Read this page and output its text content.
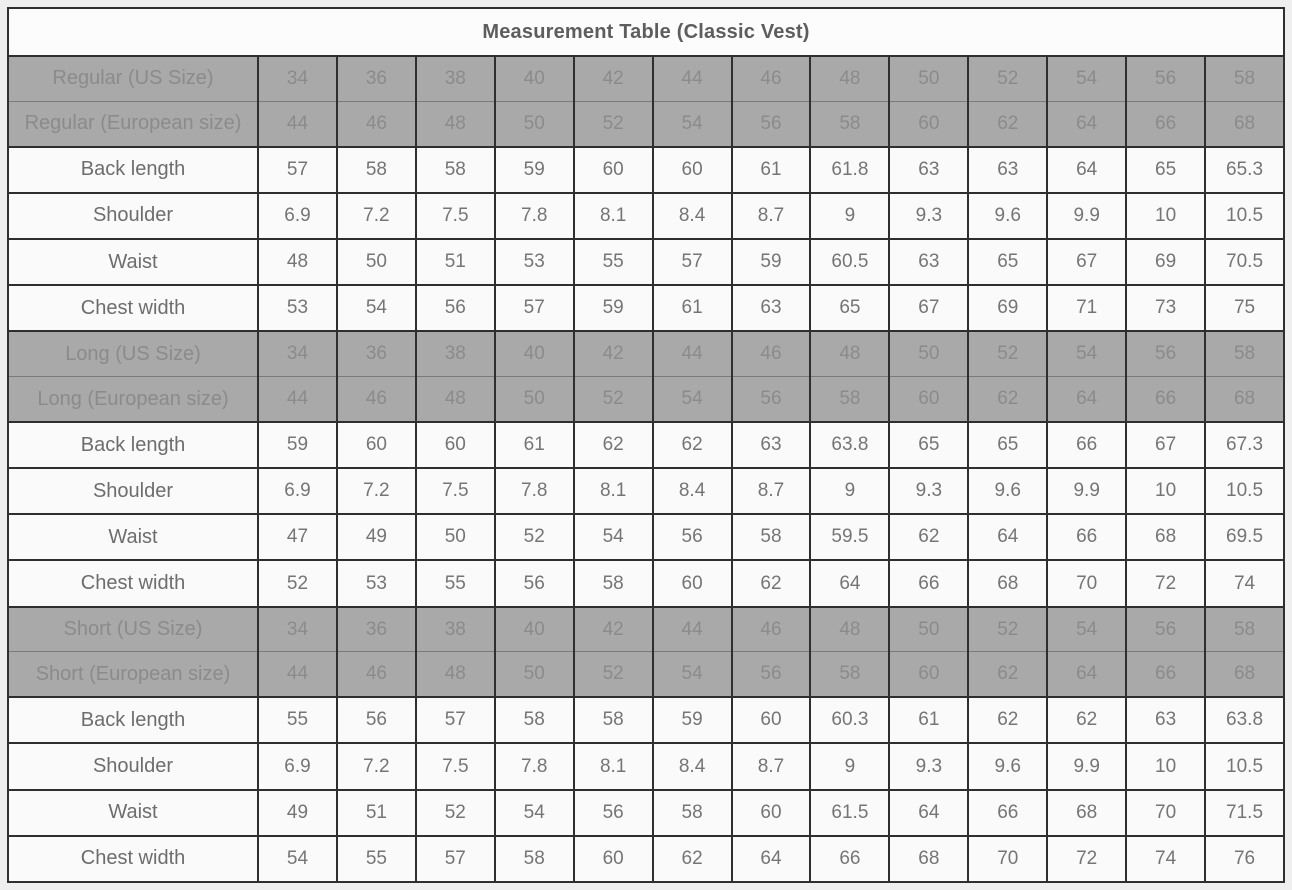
Measurement Table (Classic Vest)													
Regular (US Size)	34	36	38	40	42	44	46	48	50	52	54	56	58
Regular (European size)	44	46	48	50	52	54	56	58	60	62	64	66	68
Back length	57	58	58	59	60	60	61	61.8	63	63	64	65	65.3
Shoulder	6.9	7.2	7.5	7.8	8.1	8.4	8.7	9	9.3	9.6	9.9	10	10.5
Waist	48	50	51	53	55	57	59	60.5	63	65	67	69	70.5
Chest width	53	54	56	57	59	61	63	65	67	69	71	73	75
Long (US Size)	34	36	38	40	42	44	46	48	50	52	54	56	58
Long (European size)	44	46	48	50	52	54	56	58	60	62	64	66	68
Back length	59	60	60	61	62	62	63	63.8	65	65	66	67	67.3
Shoulder	6.9	7.2	7.5	7.8	8.1	8.4	8.7	9	9.3	9.6	9.9	10	10.5
Waist	47	49	50	52	54	56	58	59.5	62	64	66	68	69.5
Chest width	52	53	55	56	58	60	62	64	66	68	70	72	74
Short (US Size)	34	36	38	40	42	44	46	48	50	52	54	56	58
Short (European size)	44	46	48	50	52	54	56	58	60	62	64	66	68
Back length	55	56	57	58	58	59	60	60.3	61	62	62	63	63.8
Shoulder	6.9	7.2	7.5	7.8	8.1	8.4	8.7	9	9.3	9.6	9.9	10	10.5
Waist	49	51	52	54	56	58	60	61.5	64	66	68	70	71.5
Chest width	54	55	57	58	60	62	64	66	68	70	72	74	76
